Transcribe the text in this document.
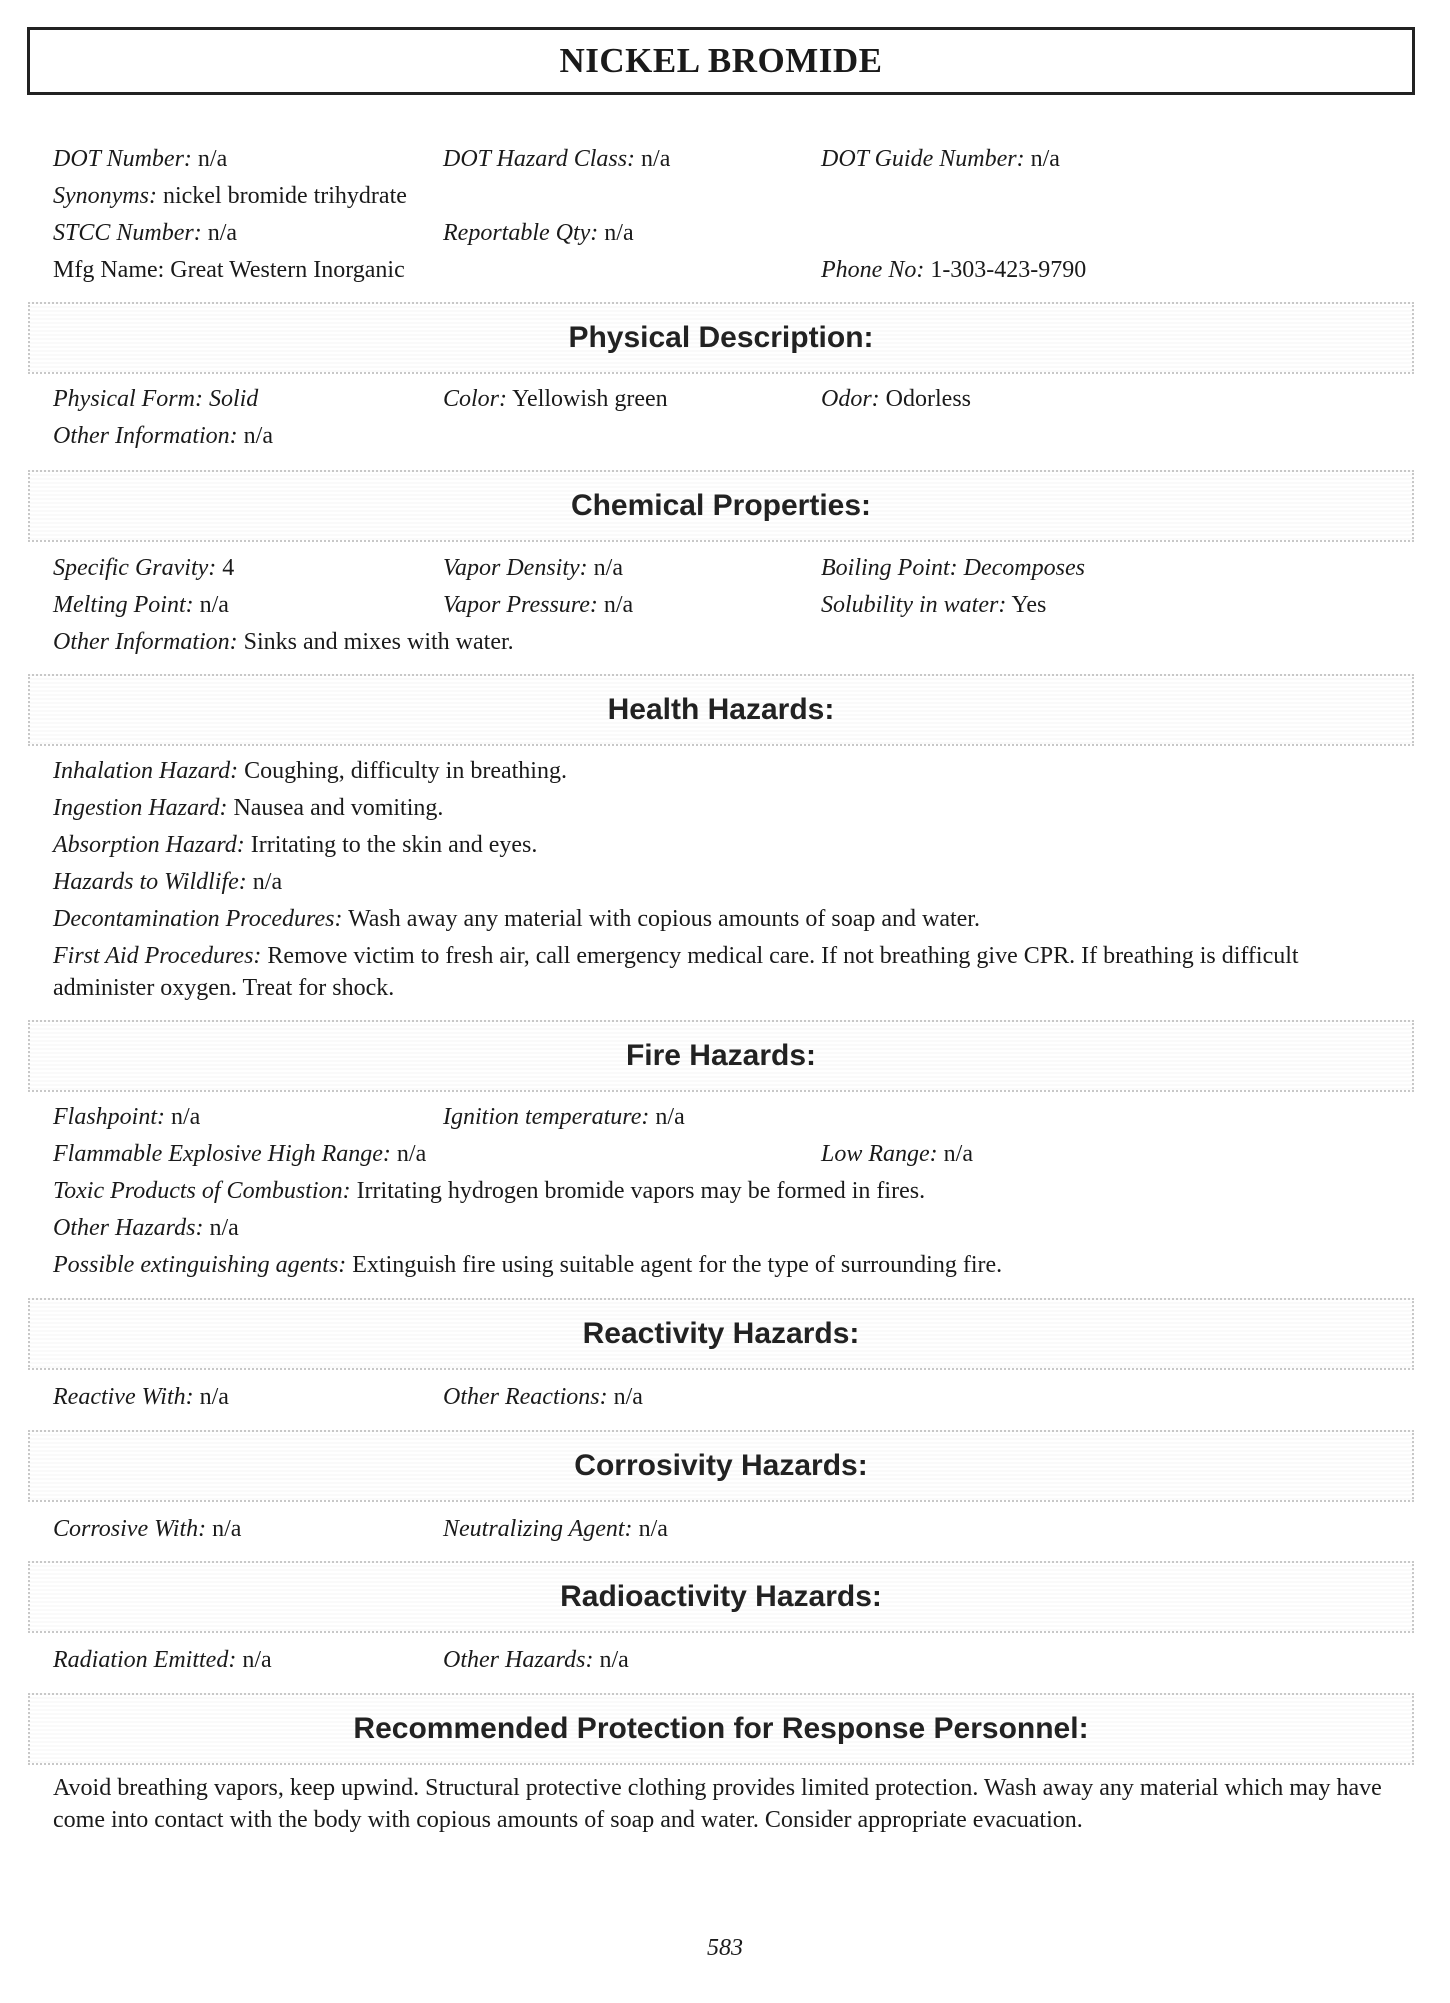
NICKEL BROMIDE
DOT Number: n/a	DOT Hazard Class: n/a	DOT Guide Number: n/a
Synonyms: nickel bromide trihydrate
STCC Number: n/a	Reportable Qty: n/a
Mfg Name: Great Western Inorganic	Phone No: 1-303-423-9790
Physical Description:
Physical Form: Solid	Color: Yellowish green	Odor: Odorless
Other Information: n/a
Chemical Properties:
Specific Gravity: 4	Vapor Density: n/a	Boiling Point: Decomposes
Melting Point: n/a	Vapor Pressure: n/a	Solubility in water: Yes
Other Information: Sinks and mixes with water.
Health Hazards:
Inhalation Hazard: Coughing, difficulty in breathing.
Ingestion Hazard: Nausea and vomiting.
Absorption Hazard: Irritating to the skin and eyes.
Hazards to Wildlife: n/a
Decontamination Procedures: Wash away any material with copious amounts of soap and water.
First Aid Procedures: Remove victim to fresh air, call emergency medical care. If not breathing give CPR. If breathing is difficult administer oxygen. Treat for shock.
Fire Hazards:
Flashpoint: n/a	Ignition temperature: n/a
Flammable Explosive High Range: n/a	Low Range: n/a
Toxic Products of Combustion: Irritating hydrogen bromide vapors may be formed in fires.
Other Hazards: n/a
Possible extinguishing agents: Extinguish fire using suitable agent for the type of surrounding fire.
Reactivity Hazards:
Reactive With: n/a	Other Reactions: n/a
Corrosivity Hazards:
Corrosive With: n/a	Neutralizing Agent: n/a
Radioactivity Hazards:
Radiation Emitted: n/a	Other Hazards: n/a
Recommended Protection for Response Personnel:
Avoid breathing vapors, keep upwind. Structural protective clothing provides limited protection. Wash away any material which may have come into contact with the body with copious amounts of soap and water. Consider appropriate evacuation.
583
